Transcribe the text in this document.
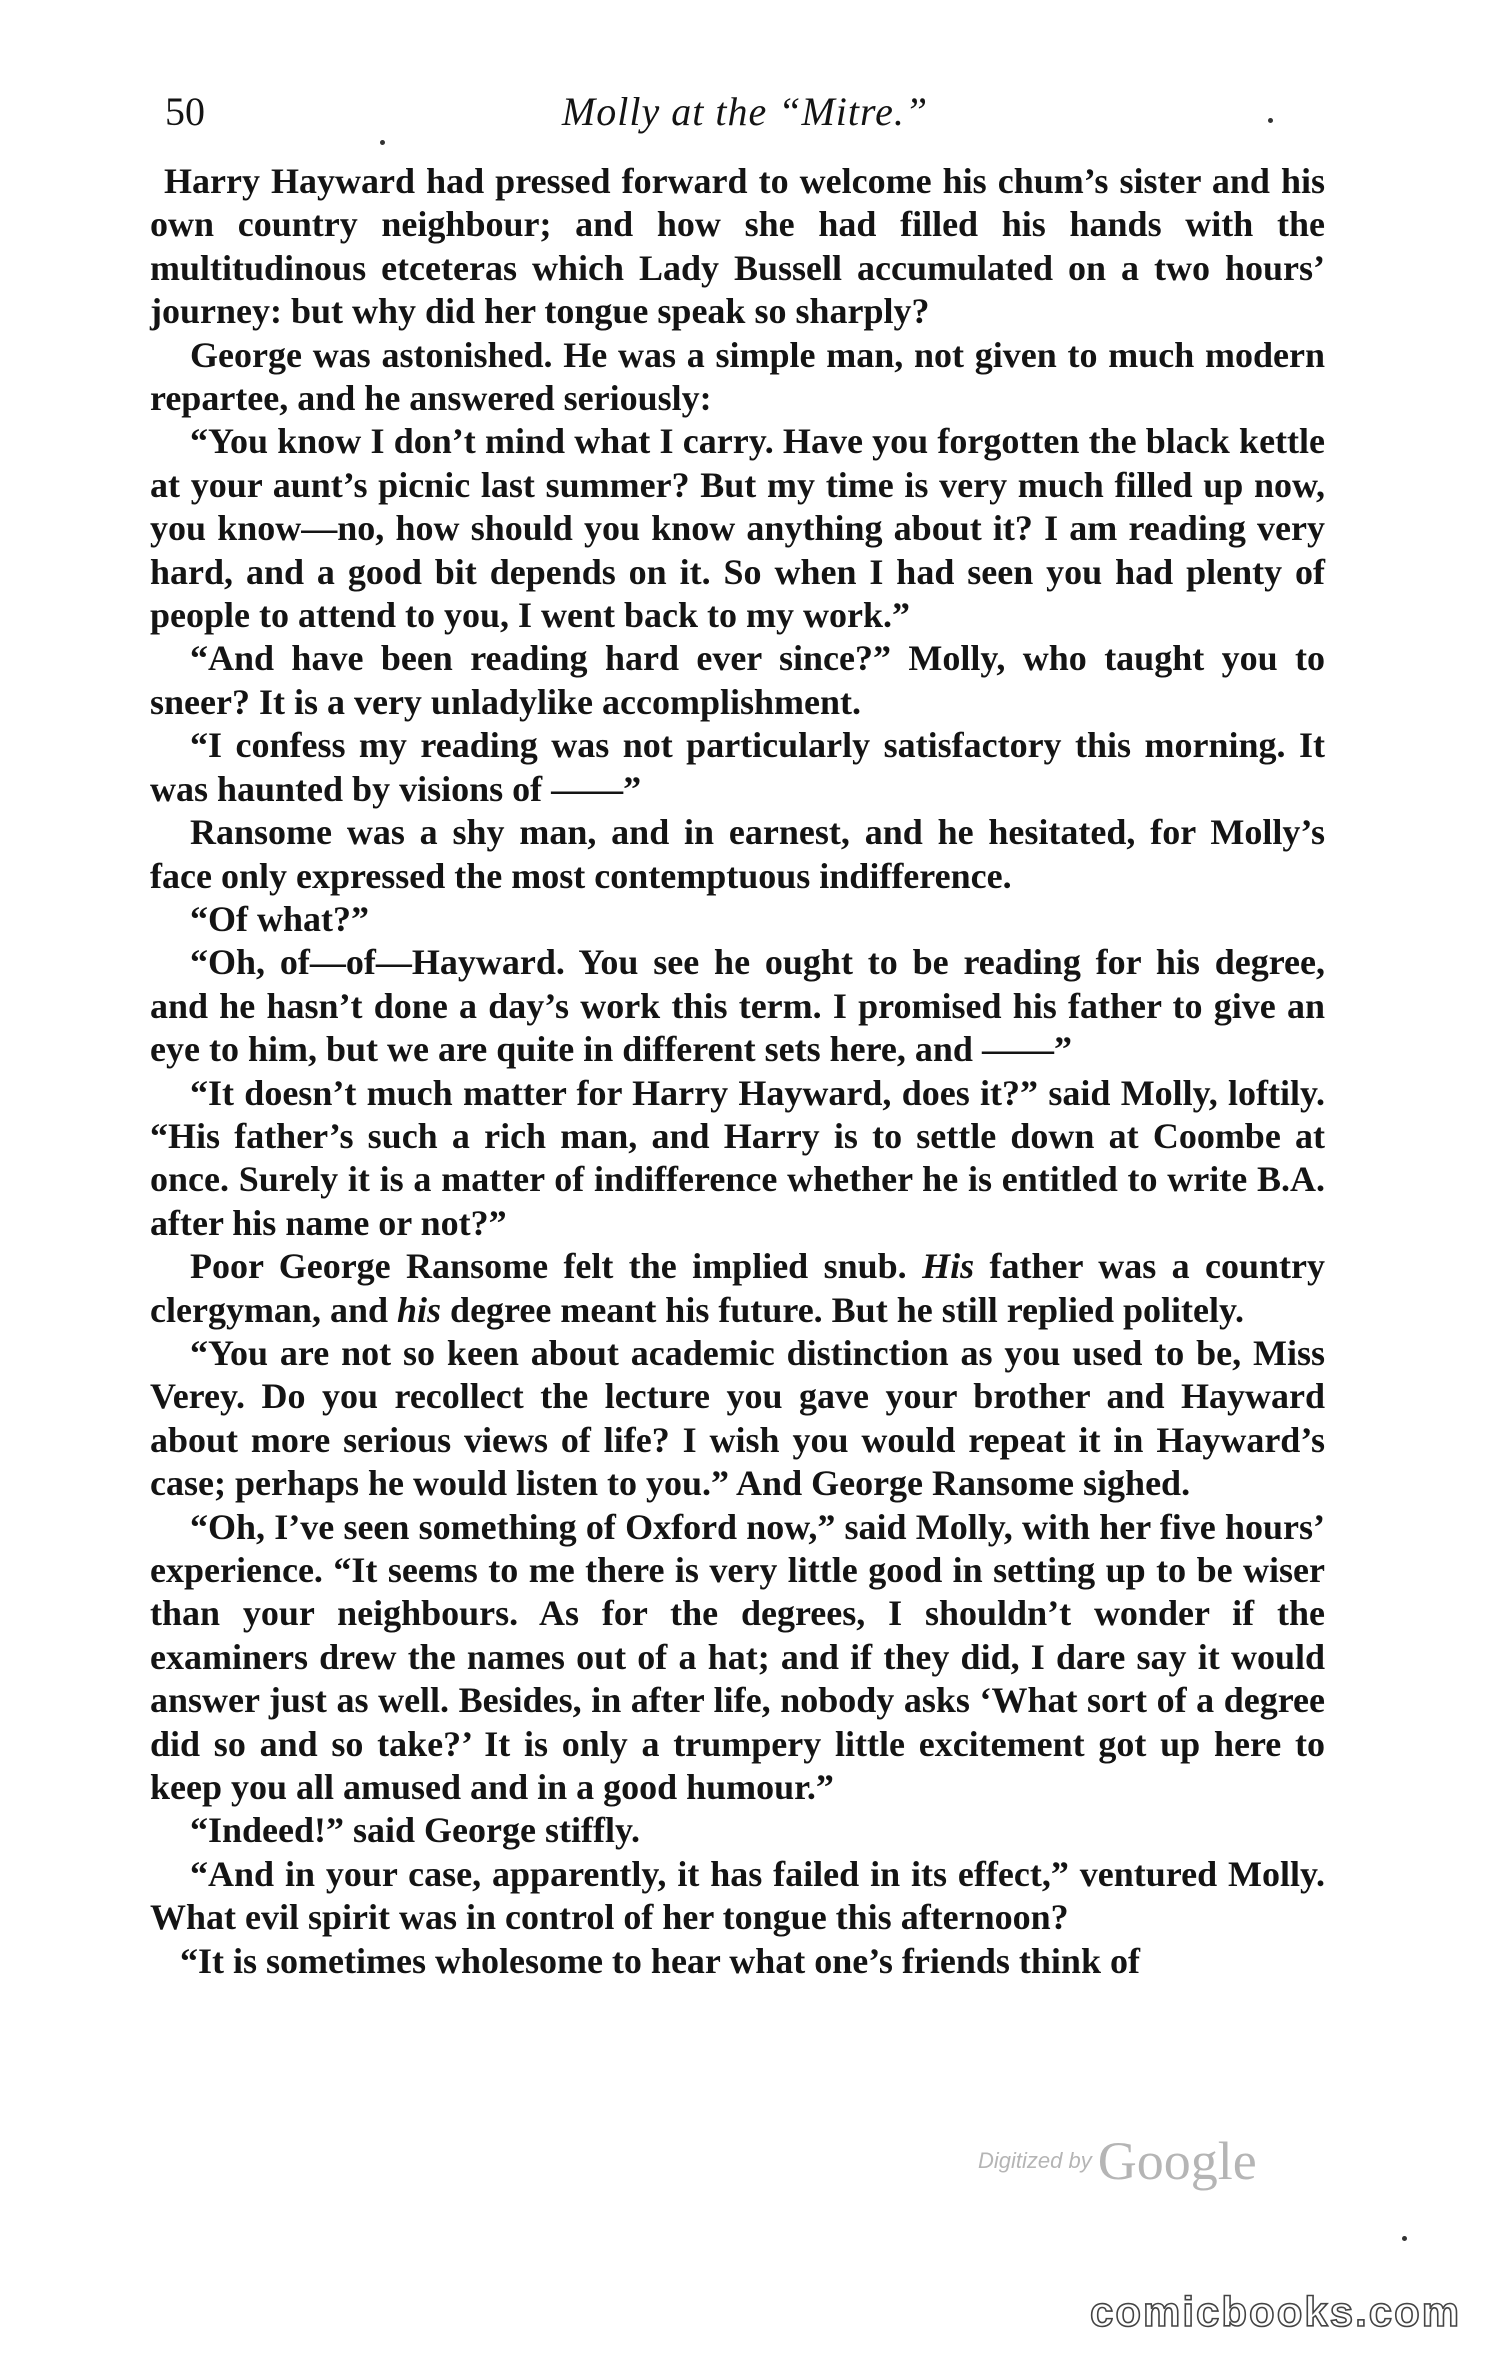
50	Molly at the “Mitre.”

Harry Hayward had pressed forward to welcome his chum’s sister and his own country neighbour; and how she had filled his hands with the multitudinous etceteras which Lady Bussell accumulated on a two hours’ journey: but why did her tongue speak so sharply?

George was astonished. He was a simple man, not given to much modern repartee, and he answered seriously:

“You know I don’t mind what I carry. Have you forgotten the black kettle at your aunt’s picnic last summer? But my time is very much filled up now, you know—no, how should you know anything about it? I am reading very hard, and a good bit depends on it. So when I had seen you had plenty of people to attend to you, I went back to my work.”

“And have been reading hard ever since?” Molly, who taught you to sneer? It is a very unladylike accomplishment.

“I confess my reading was not particularly satisfactory this morning. It was haunted by visions of ——”

Ransome was a shy man, and in earnest, and he hesitated, for Molly’s face only expressed the most contemptuous indifference.

“Of what?”

“Oh, of—of—Hayward. You see he ought to be reading for his degree, and he hasn’t done a day’s work this term. I promised his father to give an eye to him, but we are quite in different sets here, and ——”

“It doesn’t much matter for Harry Hayward, does it?” said Molly, loftily. “His father’s such a rich man, and Harry is to settle down at Coombe at once. Surely it is a matter of indifference whether he is entitled to write B.A. after his name or not?”

Poor George Ransome felt the implied snub. His father was a country clergyman, and his degree meant his future. But he still replied politely.

“You are not so keen about academic distinction as you used to be, Miss Verey. Do you recollect the lecture you gave your brother and Hayward about more serious views of life? I wish you would repeat it in Hayward’s case; perhaps he would listen to you.” And George Ransome sighed.

“Oh, I’ve seen something of Oxford now,” said Molly, with her five hours’ experience. “It seems to me there is very little good in setting up to be wiser than your neighbours. As for the degrees, I shouldn’t wonder if the examiners drew the names out of a hat; and if they did, I dare say it would answer just as well. Besides, in after life, nobody asks ‘What sort of a degree did so and so take?’ It is only a trumpery little excitement got up here to keep you all amused and in a good humour.”

“Indeed!” said George stiffly.

“And in your case, apparently, it has failed in its effect,” ventured Molly. What evil spirit was in control of her tongue this afternoon?

“It is sometimes wholesome to hear what one’s friends think of

Digitized by Google
comicbooks.com
